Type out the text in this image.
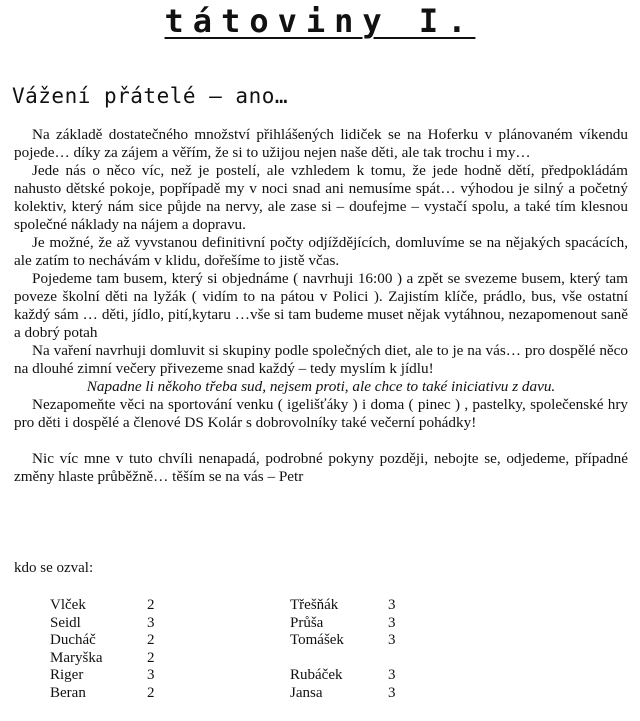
tátoviny I.
Vážení přátelé – ano…

Na základě dostatečného množství přihlášených lidiček se na Hoferku v plánovaném víkendu pojede… díky za zájem a věřím, že si to užijou nejen naše děti, ale tak trochu i my…

Jede nás o něco víc, než je postelí, ale vzhledem k tomu, že jede hodně dětí, předpokládám nahusto dětské pokoje, popřípadě my v noci snad ani nemusíme spát… výhodou je silný a početný kolektiv, který nám sice půjde na nervy, ale zase si – doufejme – vystačí spolu, a také tím klesnou společné náklady na nájem a dopravu.

Je možné, že až vyvstanou definitivní počty odjíždějících, domluvíme se na nějakých spacácích, ale zatím to nechávám v klidu, dořešíme to jistě včas.

Pojedeme tam busem, který si objednáme ( navrhuji 16:00 ) a zpět se svezeme busem, který tam poveze školní děti na lyžák ( vidím to na pátou v Polici ). Zajistím klíče, prádlo, bus, vše ostatní každý sám … děti, jídlo, pití,kytaru …vše si tam budeme muset nějak vytáhnou, nezapomenout saně a dobrý potah

Na vaření navrhuji domluvit si skupiny podle společných diet, ale to je na vás… pro dospělé něco na dlouhé zimní večery přivezeme snad každý – tedy myslím k jídlu!

Napadne li někoho třeba sud, nejsem proti, ale chce to také iniciativu z davu.

Nezapomeňte věci na sportování venku ( igelišťáky ) i doma ( pinec ) , pastelky, společenské hry pro děti i dospělé a členové DS Kolár s dobrovolníky také večerní pohádky!

Nic víc mne v tuto chvíli nenapadá, podrobné pokyny později, nebojte se, odjedeme, případné změny hlaste průběžně… těším se na vás – Petr

kdo se ozval:
Vlček	2	Třešňák	3
Seidl	3	Průša	3
Ducháč	2	Tomášek	3
Maryška	2
Riger	3	Rubáček	3
Beran	2	Jansa	3
